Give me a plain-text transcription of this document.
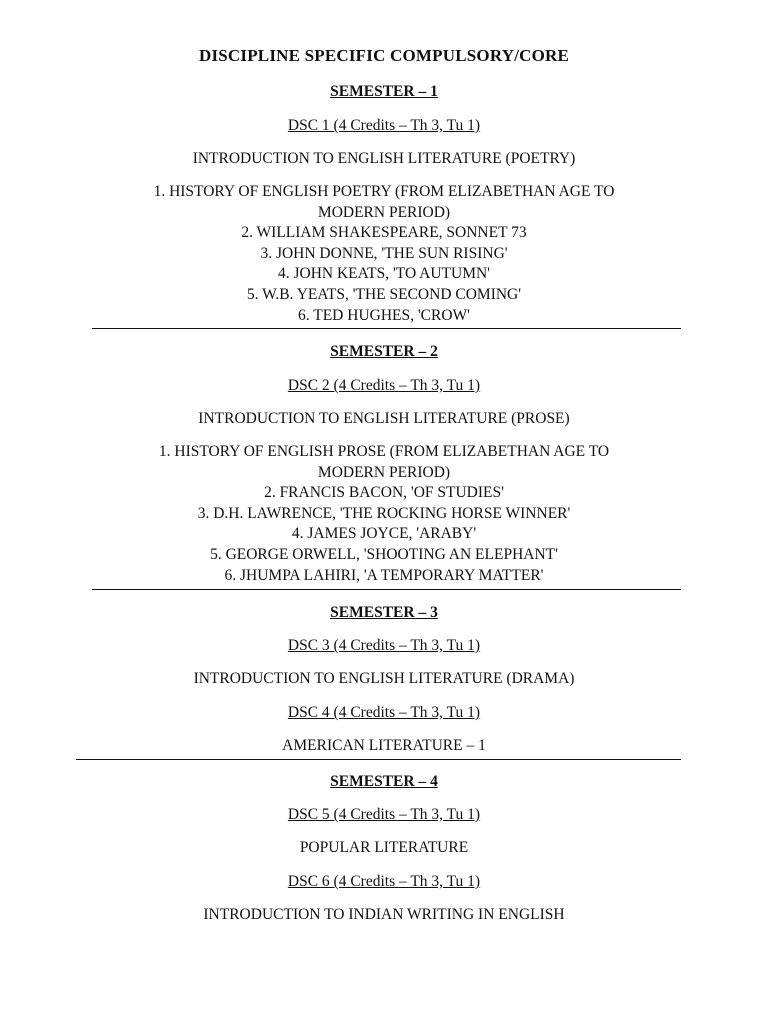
DISCIPLINE SPECIFIC COMPULSORY/CORE
SEMESTER – 1
DSC 1 (4 Credits – Th 3, Tu 1)
INTRODUCTION TO ENGLISH LITERATURE (POETRY)
1. HISTORY OF ENGLISH POETRY (FROM ELIZABETHAN AGE TO
MODERN PERIOD)
2. WILLIAM SHAKESPEARE, SONNET 73
3. JOHN DONNE, 'THE SUN RISING'
4. JOHN KEATS, 'TO AUTUMN'
5. W.B. YEATS, 'THE SECOND COMING'
6. TED HUGHES, 'CROW'
SEMESTER – 2
DSC 2 (4 Credits – Th 3, Tu 1)
INTRODUCTION TO ENGLISH LITERATURE (PROSE)
1. HISTORY OF ENGLISH PROSE (FROM ELIZABETHAN AGE TO
MODERN PERIOD)
2. FRANCIS BACON, 'OF STUDIES'
3. D.H. LAWRENCE, 'THE ROCKING HORSE WINNER'
4. JAMES JOYCE, 'ARABY'
5. GEORGE ORWELL, 'SHOOTING AN ELEPHANT'
6. JHUMPA LAHIRI, 'A TEMPORARY MATTER'
SEMESTER – 3
DSC 3 (4 Credits – Th 3, Tu 1)
INTRODUCTION TO ENGLISH LITERATURE (DRAMA)
DSC 4 (4 Credits – Th 3, Tu 1)
AMERICAN LITERATURE – 1
SEMESTER – 4
DSC 5 (4 Credits – Th 3, Tu 1)
POPULAR LITERATURE
DSC 6 (4 Credits – Th 3, Tu 1)
INTRODUCTION TO INDIAN WRITING IN ENGLISH
